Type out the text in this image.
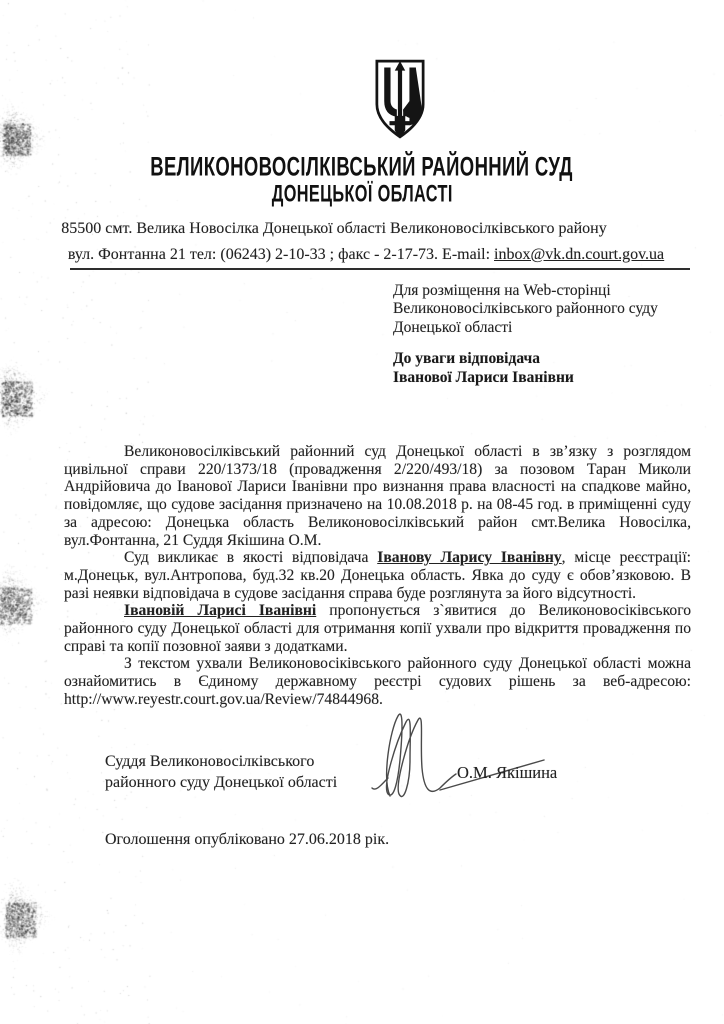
ВЕЛИКОНОВОСІЛКІВСЬКИЙ РАЙОННИЙ СУД
ДОНЕЦЬКОЇ ОБЛАСТІ
85500 смт. Велика Новосілка Донецької області Великоновосілківського району
вул. Фонтанна 21 тел: (06243) 2-10-33 ; факс - 2-17-73. E-mail: inbox@vk.dn.court.gov.ua
Для розміщення на Web-сторінці
Великоновосілківського районного суду
Донецької області
До уваги відповідача
Іванової Лариси Іванівни

Великоновосілківський районний суд Донецької області в зв’язку з розглядом цивільної справи 220/1373/18 (провадження 2/220/493/18) за позовом Таран Миколи Андрійовича до Іванової Лариси Іванівни про визнання права власності на спадкове майно, повідомляє, що судове засідання призначено на 10.08.2018 р. на 08-45 год. в приміщенні суду за адресою: Донецька область Великоновосілківський район смт.Велика Новосілка, вул.Фонтанна, 21 Суддя Якішина О.М.

Суд викликає в якості відповідача Іванову Ларису Іванівну, місце реєстрації: м.Донецьк, вул.Антропова, буд.32 кв.20 Донецька область. Явка до суду є обов’язковою. В разі неявки відповідача в судове засідання справа буде розглянута за його відсутності.

Івановій Ларисі Іванівні пропонується з`явитися до Великоновосіківського районного суду Донецької області для отримання копії ухвали про відкриття провадження по справі та копії позовної заяви з додатками.

З текстом ухвали Великоновосіківського районного суду Донецької області можна ознайомитись в Єдиному державному реєстрі судових рішень за веб-адресою: http://www.reyestr.court.gov.ua/Review/74844968.

Суддя Великоновосілківського
районного суду Донецької області
О.М. Якішина
Оголошення опубліковано 27.06.2018 рік.
